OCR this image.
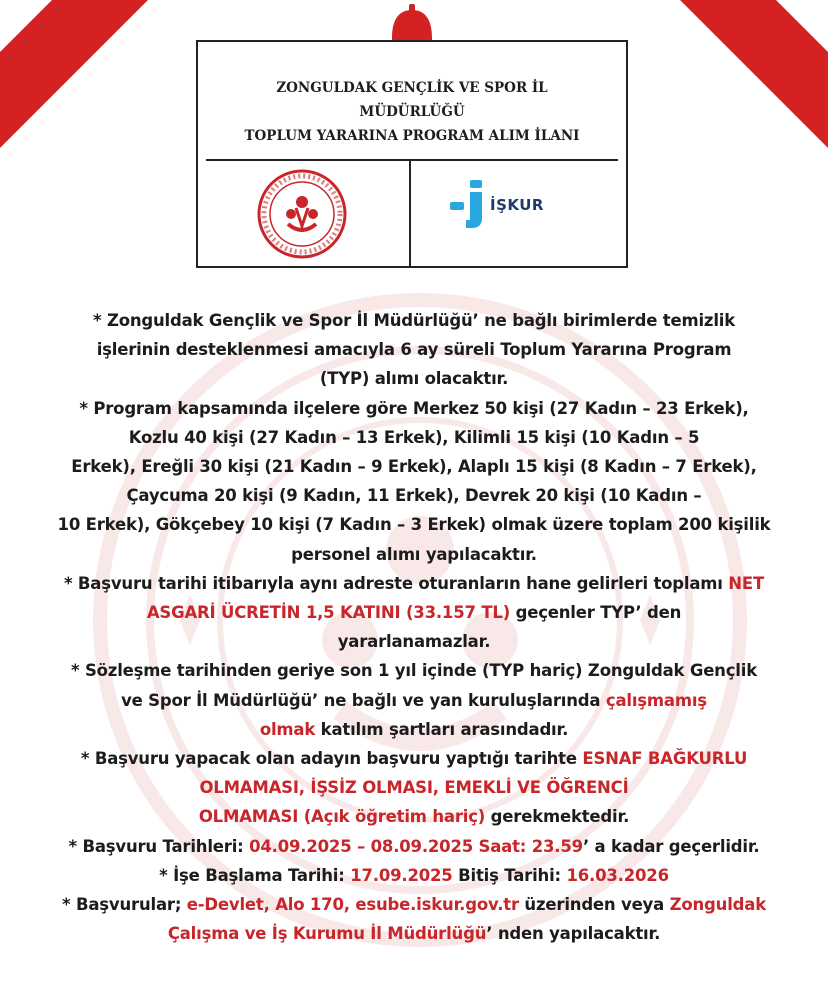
ZONGULDAK GENÇLİK VE SPOR İL
MÜDÜRLÜĞÜ
TOPLUM YARARINA PROGRAM ALIM İLANI
İŞKUR
* Zonguldak Gençlik ve Spor İl Müdürlüğü’ ne bağlı birimlerde temizlik
işlerinin desteklenmesi amacıyla 6 ay süreli Toplum Yararına Program
(TYP) alımı olacaktır.
* Program kapsamında ilçelere göre Merkez 50 kişi (27 Kadın – 23 Erkek),
Kozlu 40 kişi (27 Kadın – 13 Erkek), Kilimli 15 kişi (10 Kadın – 5
Erkek), Ereğli 30 kişi (21 Kadın – 9 Erkek), Alaplı 15 kişi (8 Kadın – 7 Erkek),
Çaycuma 20 kişi (9 Kadın, 11 Erkek), Devrek 20 kişi (10 Kadın –
10 Erkek), Gökçebey 10 kişi (7 Kadın – 3 Erkek) olmak üzere toplam 200 kişilik
personel alımı yapılacaktır.
* Başvuru tarihi itibarıyla aynı adreste oturanların hane gelirleri toplamı NET
ASGARİ ÜCRETİN 1,5 KATINI (33.157 TL) geçenler TYP’ den
yararlanamazlar.
* Sözleşme tarihinden geriye son 1 yıl içinde (TYP hariç) Zonguldak Gençlik
ve Spor İl Müdürlüğü’ ne bağlı ve yan kuruluşlarında çalışmamış
olmak katılım şartları arasındadır.
* Başvuru yapacak olan adayın başvuru yaptığı tarihte ESNAF BAĞKURLU
OLMAMASI, İŞSİZ OLMASI, EMEKLİ VE ÖĞRENCİ
OLMAMASI (Açık öğretim hariç) gerekmektedir.
* Başvuru Tarihleri: 04.09.2025 – 08.09.2025 Saat: 23.59’ a kadar geçerlidir.
* İşe Başlama Tarihi: 17.09.2025 Bitiş Tarihi: 16.03.2026
* Başvurular; e-Devlet, Alo 170, esube.iskur.gov.tr üzerinden veya Zonguldak
Çalışma ve İş Kurumu İl Müdürlüğü’ nden yapılacaktır.
